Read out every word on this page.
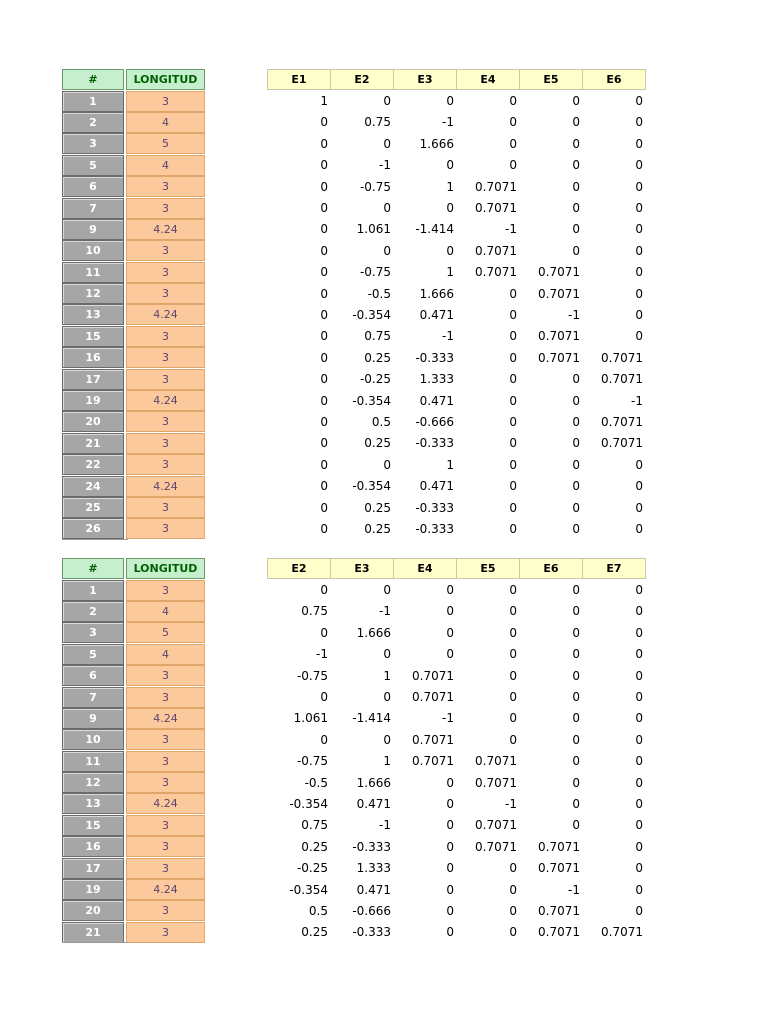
#	LONGITUD	E1	E2	E3	E4	E5	E6
1	3	1	0	0	0	0	0
2	4	0	0.75	-1	0	0	0
3	5	0	0	1.666	0	0	0
5	4	0	-1	0	0	0	0
6	3	0	-0.75	1	0.7071	0	0
7	3	0	0	0	0.7071	0	0
9	4.24	0	1.061	-1.414	-1	0	0
10	3	0	0	0	0.7071	0	0
11	3	0	-0.75	1	0.7071	0.7071	0
12	3	0	-0.5	1.666	0	0.7071	0
13	4.24	0	-0.354	0.471	0	-1	0
15	3	0	0.75	-1	0	0.7071	0
16	3	0	0.25	-0.333	0	0.7071	0.7071
17	3	0	-0.25	1.333	0	0	0.7071
19	4.24	0	-0.354	0.471	0	0	-1
20	3	0	0.5	-0.666	0	0	0.7071
21	3	0	0.25	-0.333	0	0	0.7071
22	3	0	0	1	0	0	0
24	4.24	0	-0.354	0.471	0	0	0
25	3	0	0.25	-0.333	0	0	0
26	3	0	0.25	-0.333	0	0	0
#	LONGITUD	E2	E3	E4	E5	E6	E7
1	3	0	0	0	0	0	0
2	4	0.75	-1	0	0	0	0
3	5	0	1.666	0	0	0	0
5	4	-1	0	0	0	0	0
6	3	-0.75	1	0.7071	0	0	0
7	3	0	0	0.7071	0	0	0
9	4.24	1.061	-1.414	-1	0	0	0
10	3	0	0	0.7071	0	0	0
11	3	-0.75	1	0.7071	0.7071	0	0
12	3	-0.5	1.666	0	0.7071	0	0
13	4.24	-0.354	0.471	0	-1	0	0
15	3	0.75	-1	0	0.7071	0	0
16	3	0.25	-0.333	0	0.7071	0.7071	0
17	3	-0.25	1.333	0	0	0.7071	0
19	4.24	-0.354	0.471	0	0	-1	0
20	3	0.5	-0.666	0	0	0.7071	0
21	3	0.25	-0.333	0	0	0.7071	0.7071
